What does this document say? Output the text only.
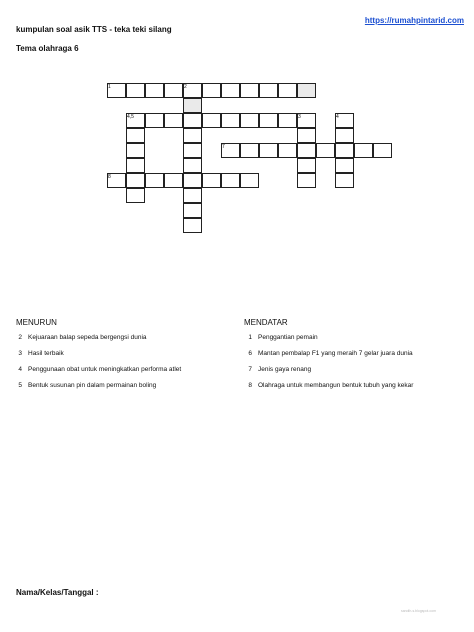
kumpulan soal asik TTS - teka teki silang
https://rumahpintarid.com
Tema olahraga 6
1	2
4,5	3	4
7
8
MENURUN	MENDATAR
2 Kejuaraan balap sepeda bergengsi dunia
3 Hasil terbaik
4 Penggunaan obat untuk meningkatkan performa atlet
5 Bentuk susunan pin dalam permainan boling
1 Penggantian pemain
6 Mantan pembalap F1 yang meraih 7 gelar juara dunia
7 Jenis gaya renang
8 Olahraga untuk membangun bentuk tubuh yang kekar
Nama/Kelas/Tanggal :
sandih-s.blogspot.com
